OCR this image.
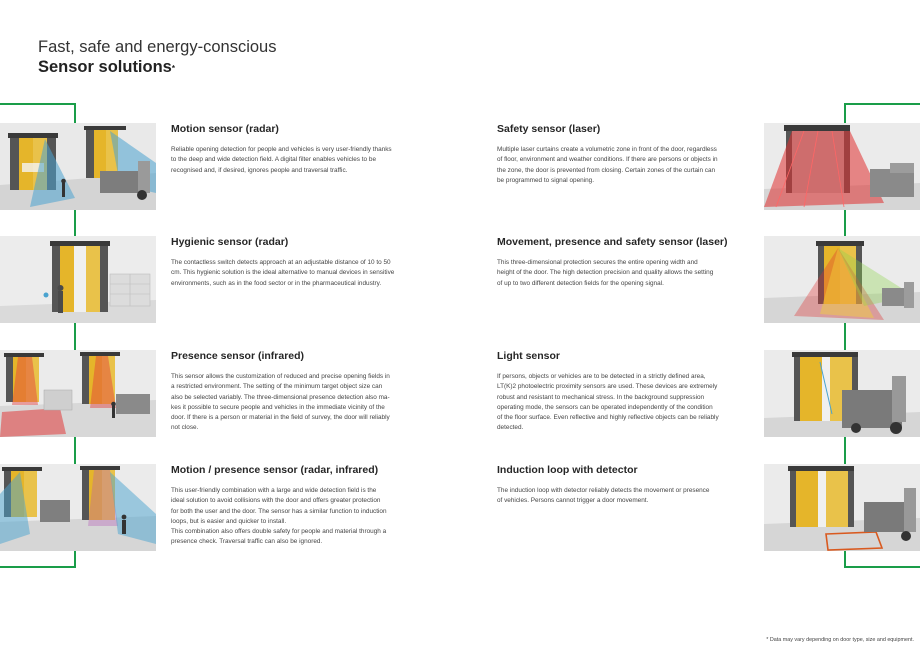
Fast, safe and energy-conscious
Sensor solutions*
Motion sensor (radar)

Reliable opening detection for people and vehicles is very user-friendly thanks
to the deep and wide detection field. A digital filter enables vehicles to be
recognised and, if desired, ignores people and traversal traffic.

Hygienic sensor (radar)

The contactless switch detects approach at an adjustable distance of 10 to 50
cm. This hygienic solution is the ideal alternative to manual devices in sensitive
environments, such as in the food sector or in the pharmaceutical industry.

Presence sensor (infrared)

This sensor allows the customization of reduced and precise opening fields in
a restricted environment. The setting of the minimum target object size can
also be selected variably. The three-dimensional presence detection also ma-
kes it possible to secure people and vehicles in the immediate vicinity of the
door. If there is a person or material in the field of survey, the door will reliably
not close.

Motion / presence sensor (radar, infrared)

This user-friendly combination with a large and wide detection field is the
ideal solution to avoid collisions with the door and offers greater protection
for both the user and the door. The sensor has a similar function to induction
loops, but is easier and quicker to install.
This combination also offers double safety for people and material through a
presence check. Traversal traffic can also be ignored.

Safety sensor (laser)

Multiple laser curtains create a volumetric zone in front of the door, regardless
of floor, environment and weather conditions. If there are persons or objects in
the zone, the door is prevented from closing. Certain zones of the curtain can
be programmed to signal opening.

Movement, presence and safety sensor (laser)

This three-dimensional protection secures the entire opening width and
height of the door. The high detection precision and quality allows the setting
of up to two different detection fields for the opening signal.

Light sensor

If persons, objects or vehicles are to be detected in a strictly defined area,
LT(K)2 photoelectric proximity sensors are used. These devices are extremely
robust and resistant to mechanical stress. In the background suppression
operating mode, the sensors can be operated independently of the condition
of the floor surface. Even reflective and highly reflective objects can be reliably
detected.

Induction loop with detector

The induction loop with detector reliably detects the movement or presence
of vehicles. Persons cannot trigger a door movement.

* Data may vary depending on door type, size and equipment.
